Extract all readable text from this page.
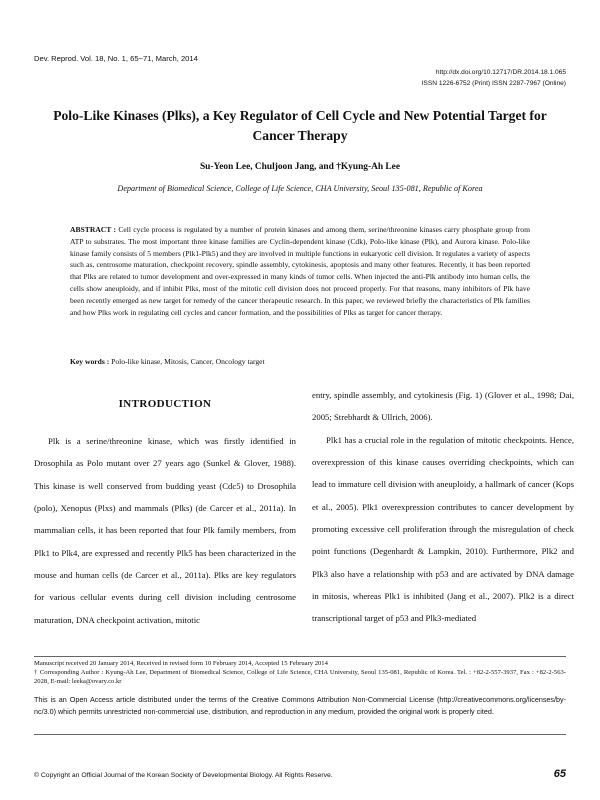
Dev. Reprod. Vol. 18, No. 1, 65~71, March, 2014
http://dx.doi.org/10.12717/DR.2014.18.1.065
ISSN 1226-6752 (Print) ISSN 2287-7967 (Online)
Polo-Like Kinases (Plks), a Key Regulator of Cell Cycle and New Potential Target for Cancer Therapy
Su-Yeon Lee, Chuljoon Jang, and †Kyung-Ah Lee
Department of Biomedical Science, College of Life Science, CHA University, Seoul 135-081, Republic of Korea
ABSTRACT : Cell cycle process is regulated by a number of protein kinases and among them, serine/threonine kinases carry phosphate group from ATP to substrates. The most important three kinase families are Cyclin-dependent kinase (Cdk), Polo-like kinase (Plk), and Aurora kinase. Polo-like kinase family consists of 5 members (Plk1-Plk5) and they are involved in multiple functions in eukaryotic cell division. It regulates a variety of aspects such as, centrosome maturation, checkpoint recovery, spindle assembly, cytokinesis, apoptosis and many other features. Recently, it has been reported that Plks are related to tumor development and over-expressed in many kinds of tumor cells. When injected the anti-Plk antibody into human cells, the cells show aneuploidy, and if inhibit Plks, most of the mitotic cell division does not proceed properly. For that reasons, many inhibitors of Plk have been recently emerged as new target for remedy of the cancer therapeutic research. In this paper, we reviewed briefly the characteristics of Plk families and how Plks work in regulating cell cycles and cancer formation, and the possibilities of Plks as target for cancer therapy.
Key words : Polo-like kinase, Mitosis, Cancer, Oncology target
INTRODUCTION

Plk is a serine/threonine kinase, which was firstly identified in Drosophila as Polo mutant over 27 years ago (Sunkel & Glover, 1988). This kinase is well conserved from budding yeast (Cdc5) to Drosophila (polo), Xenopus (Plxs) and mammals (Plks) (de Carcer et al., 2011a). In mammalian cells, it has been reported that four Plk family members, from Plk1 to Plk4, are expressed and recently Plk5 has been characterized in the mouse and human cells (de Carcer et al., 2011a). Plks are key regulators for various cellular events during cell division including centrosome maturation, DNA checkpoint activation, mitotic

entry, spindle assembly, and cytokinesis (Fig. 1) (Glover et al., 1998; Dai, 2005; Strebhardt & Ullrich, 2006).

Plk1 has a crucial role in the regulation of mitotic checkpoints. Hence, overexpression of this kinase causes overriding checkpoints, which can lead to immature cell division with aneuploidy, a hallmark of cancer (Kops et al., 2005). Plk1 overexpression contributes to cancer development by promoting excessive cell proliferation through the misregulation of check point functions (Degenhardt & Lampkin, 2010). Furthermore, Plk2 and Plk3 also have a relationship with p53 and are activated by DNA damage in mitosis, whereas Plk1 is inhibited (Jang et al., 2007). Plk2 is a direct transcriptional target of p53 and Plk3-mediated

Manuscript received 20 January 2014, Received in revised form 10 February 2014, Accepted 15 February 2014

† Corresponding Author : Kyung-Ah Lee, Department of Biomedical Science, College of Life Science, CHA University, Seoul 135-081, Republic of Korea. Tel. : +82-2-557-3937, Fax : +82-2-563-2028, E-mail: leeka@ovary.co.kr

This is an Open Access article distributed under the terms of the Creative Commons Attribution Non-Commercial License (http://creativecommons.org/licenses/by-nc/3.0) which permits unrestricted non-commercial use, distribution, and reproduction in any medium, provided the original work is properly cited.
© Copyright an Official Journal of the Korean Society of Developmental Biology. All Rights Reserve.	65
